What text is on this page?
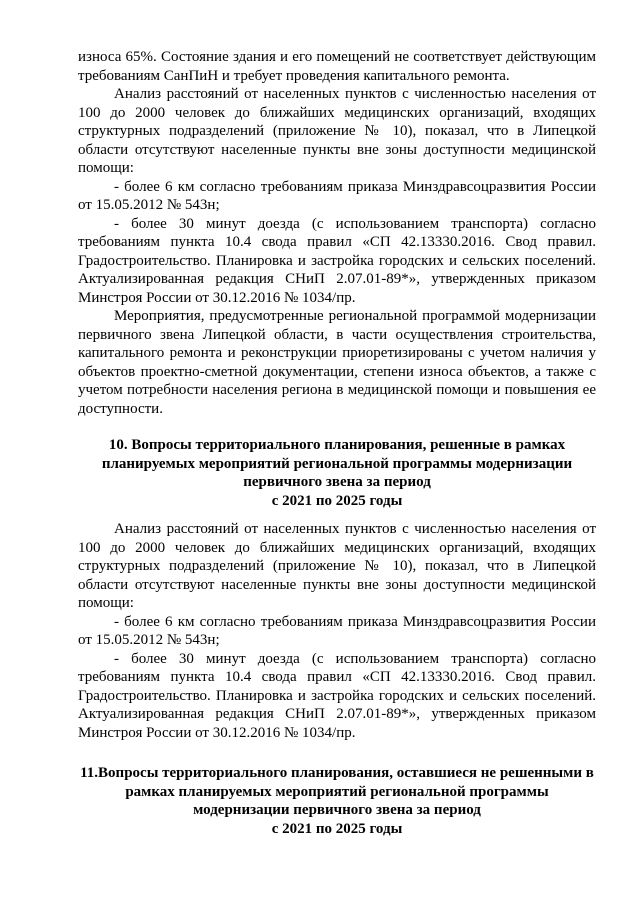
износа 65%. Состояние здания и его помещений не соответствует действующим
требованиям СанПиН и требует проведения капитального ремонта.
Анализ расстояний от населенных пунктов с численностью населения от
100 до 2000 человек до ближайших медицинских организаций, входящих
структурных подразделений (приложение № 10), показал, что в Липецкой
области отсутствуют населенные пункты вне зоны доступности медицинской
помощи:
- более 6 км согласно требованиям приказа Минздравсоцразвития России
от 15.05.2012 № 543н;
- более 30 минут доезда (с использованием транспорта) согласно
требованиям пункта 10.4 свода правил «СП 42.13330.2016. Свод правил.
Градостроительство. Планировка и застройка городских и сельских поселений.
Актуализированная редакция СНиП 2.07.01-89*», утвержденных приказом
Минстроя России от 30.12.2016 № 1034/пр.
Мероприятия, предусмотренные региональной программой модернизации
первичного звена Липецкой области, в части осуществления строительства,
капитального ремонта и реконструкции приоретизированы с учетом наличия у
объектов проектно-сметной документации, степени износа объектов, а также с
учетом потребности населения региона в медицинской помощи и повышения ее
доступности.
10. Вопросы территориального планирования, решенные в рамках
планируемых мероприятий региональной программы модернизации
первичного звена за период
с 2021 по 2025 годы
Анализ расстояний от населенных пунктов с численностью населения от
100 до 2000 человек до ближайших медицинских организаций, входящих
структурных подразделений (приложение № 10), показал, что в Липецкой
области отсутствуют населенные пункты вне зоны доступности медицинской
помощи:
- более 6 км согласно требованиям приказа Минздравсоцразвития России
от 15.05.2012 № 543н;
- более 30 минут доезда (с использованием транспорта) согласно
требованиям пункта 10.4 свода правил «СП 42.13330.2016. Свод правил.
Градостроительство. Планировка и застройка городских и сельских поселений.
Актуализированная редакция СНиП 2.07.01-89*», утвержденных приказом
Минстроя России от 30.12.2016 № 1034/пр.
11.Вопросы территориального планирования, оставшиеся не решенными в
рамках планируемых мероприятий региональной программы
модернизации первичного звена за период
с 2021 по 2025 годы
